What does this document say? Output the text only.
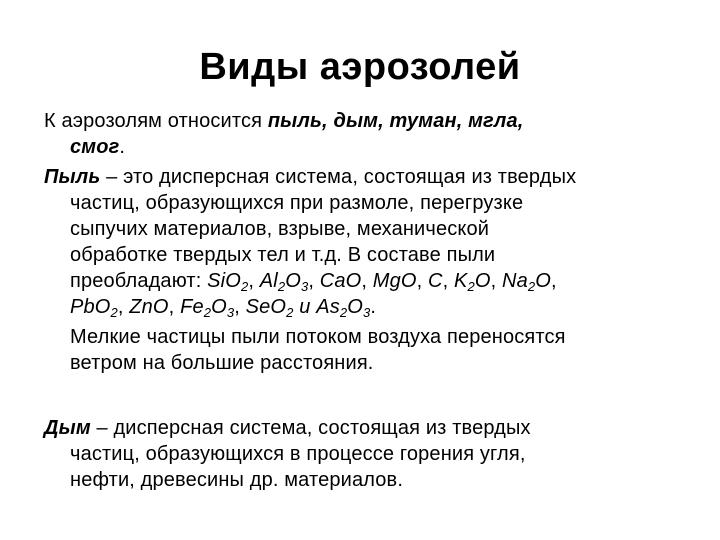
Виды аэрозолей

К аэрозолям относится пыль, дым, туман, мгла,
смог.

Пыль – это дисперсная система, состоящая из твердых

частиц, образующихся при размоле, перегрузке

сыпучих материалов, взрыве, механической

обработке твердых тел и т.д. В составе пыли

преобладают: SiO$_2$, $Al_2O_3$, CaO, MgO, C, $K_2O$, $Na_2O$,

PbO$_2$, ZnO, $Fe_2O_3$, SeO$_2$ и $As_2O_3$.

Мелкие частицы пыли потоком воздуха переносятся

ветром на большие расстояния.

Дым – дисперсная система, состоящая из твердых

частиц, образующихся в процессе горения угля,

нефти, древесины др. материалов.
